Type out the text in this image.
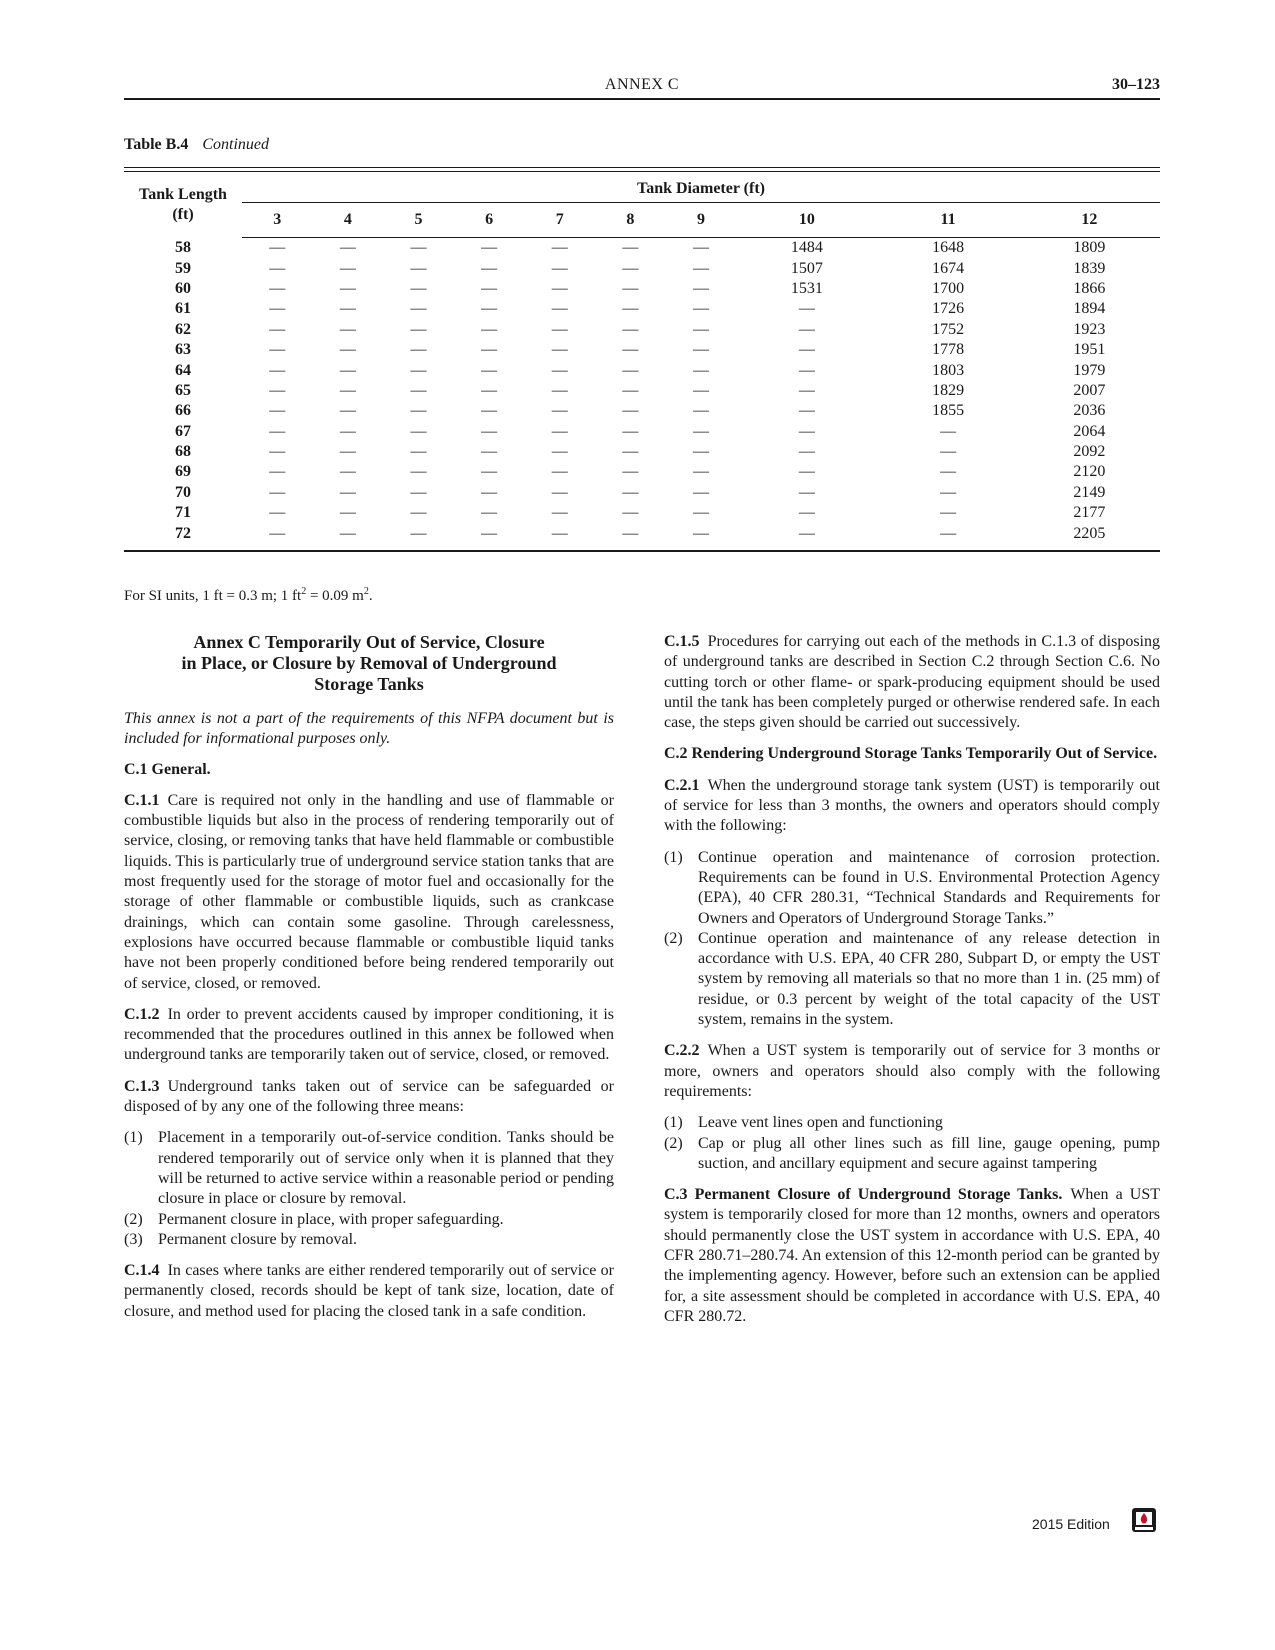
ANNEX C	30–123
Table B.4 Continued
Tank Length
(ft)	Tank Diameter (ft)									
	3	4	5	6	7	8	9	10	11	12
58	—	—	—	—	—	—	—	1484	1648	1809
59	—	—	—	—	—	—	—	1507	1674	1839
60	—	—	—	—	—	—	—	1531	1700	1866
61	—	—	—	—	—	—	—	—	1726	1894
62	—	—	—	—	—	—	—	—	1752	1923
63	—	—	—	—	—	—	—	—	1778	1951
64	—	—	—	—	—	—	—	—	1803	1979
65	—	—	—	—	—	—	—	—	1829	2007
66	—	—	—	—	—	—	—	—	1855	2036
67	—	—	—	—	—	—	—	—	—	2064
68	—	—	—	—	—	—	—	—	—	2092
69	—	—	—	—	—	—	—	—	—	2120
70	—	—	—	—	—	—	—	—	—	2149
71	—	—	—	—	—	—	—	—	—	2177
72	—	—	—	—	—	—	—	—	—	2205
For SI units, 1 ft = 0.3 m; 1 $ft^2 = 0.09$ $m^2$.
Annex C Temporarily Out of Service, Closure
in Place, or Closure by Removal of Underground
Storage Tanks

This annex is not a part of the requirements of this NFPA document but is included for informational purposes only.

C.1 General.

C.1.1 Care is required not only in the handling and use of flammable or combustible liquids but also in the process of rendering temporarily out of service, closing, or removing tanks that have held flammable or combustible liquids. This is particularly true of underground service station tanks that are most frequently used for the storage of motor fuel and occasionally for the storage of other flammable or combustible liquids, such as crankcase drainings, which can contain some gasoline. Through carelessness, explosions have occurred because flammable or combustible liquid tanks have not been properly conditioned before being rendered temporarily out of service, closed, or removed.

C.1.2 In order to prevent accidents caused by improper conditioning, it is recommended that the procedures outlined in this annex be followed when underground tanks are temporarily taken out of service, closed, or removed.

C.1.3 Underground tanks taken out of service can be safeguarded or disposed of by any one of the following three means:

(1) Placement in a temporarily out-of-service condition. Tanks should be rendered temporarily out of service only when it is planned that they will be returned to active service within a reasonable period or pending closure in place or closure by removal.
(2) Permanent closure in place, with proper safeguarding.
(3) Permanent closure by removal.

C.1.4 In cases where tanks are either rendered temporarily out of service or permanently closed, records should be kept of tank size, location, date of closure, and method used for placing the closed tank in a safe condition.

C.1.5 Procedures for carrying out each of the methods in C.1.3 of disposing of underground tanks are described in Section C.2 through Section C.6. No cutting torch or other flame- or spark-producing equipment should be used until the tank has been completely purged or otherwise rendered safe. In each case, the steps given should be carried out successively.

C.2 Rendering Underground Storage Tanks Temporarily Out of Service.

C.2.1 When the underground storage tank system (UST) is temporarily out of service for less than 3 months, the owners and operators should comply with the following:

(1) Continue operation and maintenance of corrosion protection. Requirements can be found in U.S. Environmental Protection Agency (EPA), 40 CFR 280.31, “Technical Standards and Requirements for Owners and Operators of Underground Storage Tanks.”
(2) Continue operation and maintenance of any release detection in accordance with U.S. EPA, 40 CFR 280, Subpart D, or empty the UST system by removing all materials so that no more than 1 in. (25 mm) of residue, or 0.3 percent by weight of the total capacity of the UST system, remains in the system.

C.2.2 When a UST system is temporarily out of service for 3 months or more, owners and operators should also comply with the following requirements:

(1) Leave vent lines open and functioning
(2) Cap or plug all other lines such as fill line, gauge opening, pump suction, and ancillary equipment and secure against tampering

C.3 Permanent Closure of Underground Storage Tanks. When a UST system is temporarily closed for more than 12 months, owners and operators should permanently close the UST system in accordance with U.S. EPA, 40 CFR 280.71–280.74. An extension of this 12-month period can be granted by the implementing agency. However, before such an extension can be applied for, a site assessment should be completed in accordance with U.S. EPA, 40 CFR 280.72.

2015 Edition
